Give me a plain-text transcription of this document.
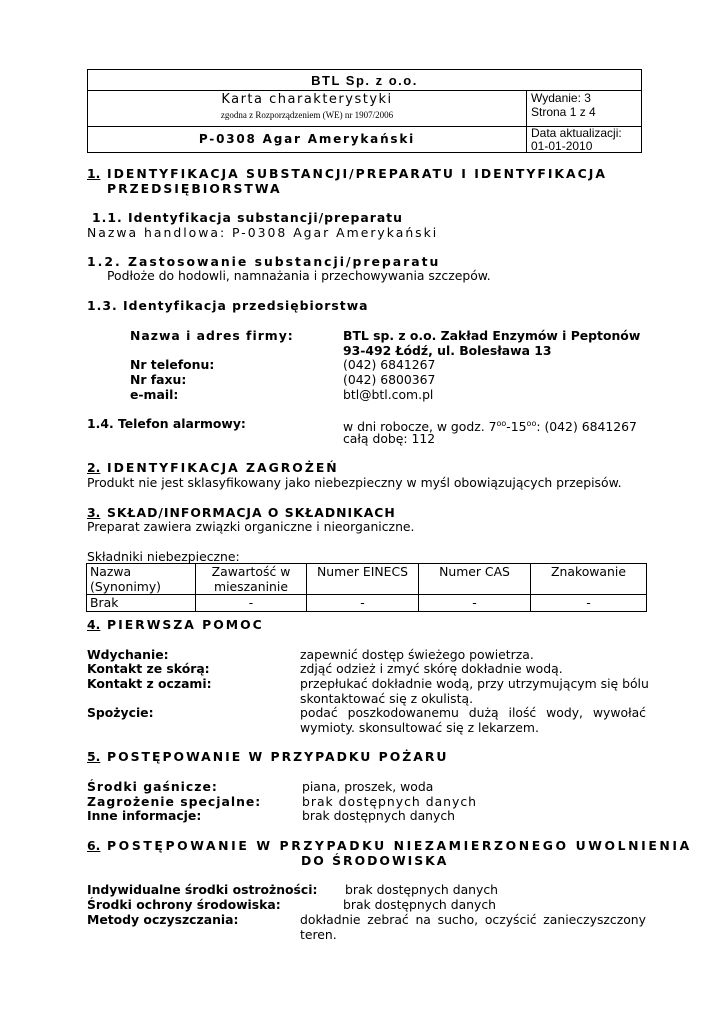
BTL Sp. z o.o.
Karta charakterystyki
zgodna z Rozporządzeniem (WE) nr 1907/2006
P-0308 Agar Amerykański
Wydanie: 3
Strona 1 z 4
Data aktualizacji:
01-01-2010
1. IDENTYFIKACJA SUBSTANCJI/PREPARATU I IDENTYFIKACJA
PRZEDSIĘBIORSTWA
1.1. Identyfikacja substancji/preparatu
Nazwa handlowa: P-0308 Agar Amerykański
1.2. Zastosowanie substancji/preparatu
Podłoże do hodowli, namnażania i przechowywania szczepów.
1.3. Identyfikacja przedsiębiorstwa
Nazwa i adres firmy:	BTL sp. z o.o. Zakład Enzymów i Peptonów
93-492 Łódź, ul. Bolesława 13
Nr telefonu:	(042) 6841267
Nr faxu:	(042) 6800367
e-mail:	btl@btl.com.pl
1.4. Telefon alarmowy:	w dni robocze, w godz. $7^{oo}-15^{oo}$: (042) 6841267
całą dobę: 112
2. IDENTYFIKACJA ZAGROŻEŃ
Produkt nie jest sklasyfikowany jako niebezpieczny w myśl obowiązujących przepisów.
3. SKŁAD/INFORMACJA O SKŁADNIKACH
Preparat zawiera związki organiczne i nieorganiczne.
Składniki niebezpieczne:
Nazwa (Synonimy)	Zawartość w mieszaninie	Numer EINECS	Numer CAS	Znakowanie
Brak	-	-	-	-
4. PIERWSZA POMOC
Wdychanie:	zapewnić dostęp świeżego powietrza.
Kontakt ze skórą:	zdjąć odzież i zmyć skórę dokładnie wodą.
Kontakt z oczami:	przepłukać dokładnie wodą, przy utrzymującym się bólu
skontaktować się z okulistą.
Spożycie:	podać poszkodowanemu dużą ilość wody, wywołać wymioty. skonsultować się z lekarzem.
5. POSTĘPOWANIE W PRZYPADKU POŻARU
Środki gaśnicze:	piana, proszek, woda
Zagrożenie specjalne:	brak dostępnych danych
Inne informacje:	brak dostępnych danych
6. POSTĘPOWANIE W PRZYPADKU NIEZAMIERZONEGO UWOLNIENIA
DO ŚRODOWISKA
Indywidualne środki ostrożności: brak dostępnych danych
Środki ochrony środowiska:	brak dostępnych danych
Metody oczyszczania:	dokładnie zebrać na sucho, oczyścić zanieczyszczony teren.
